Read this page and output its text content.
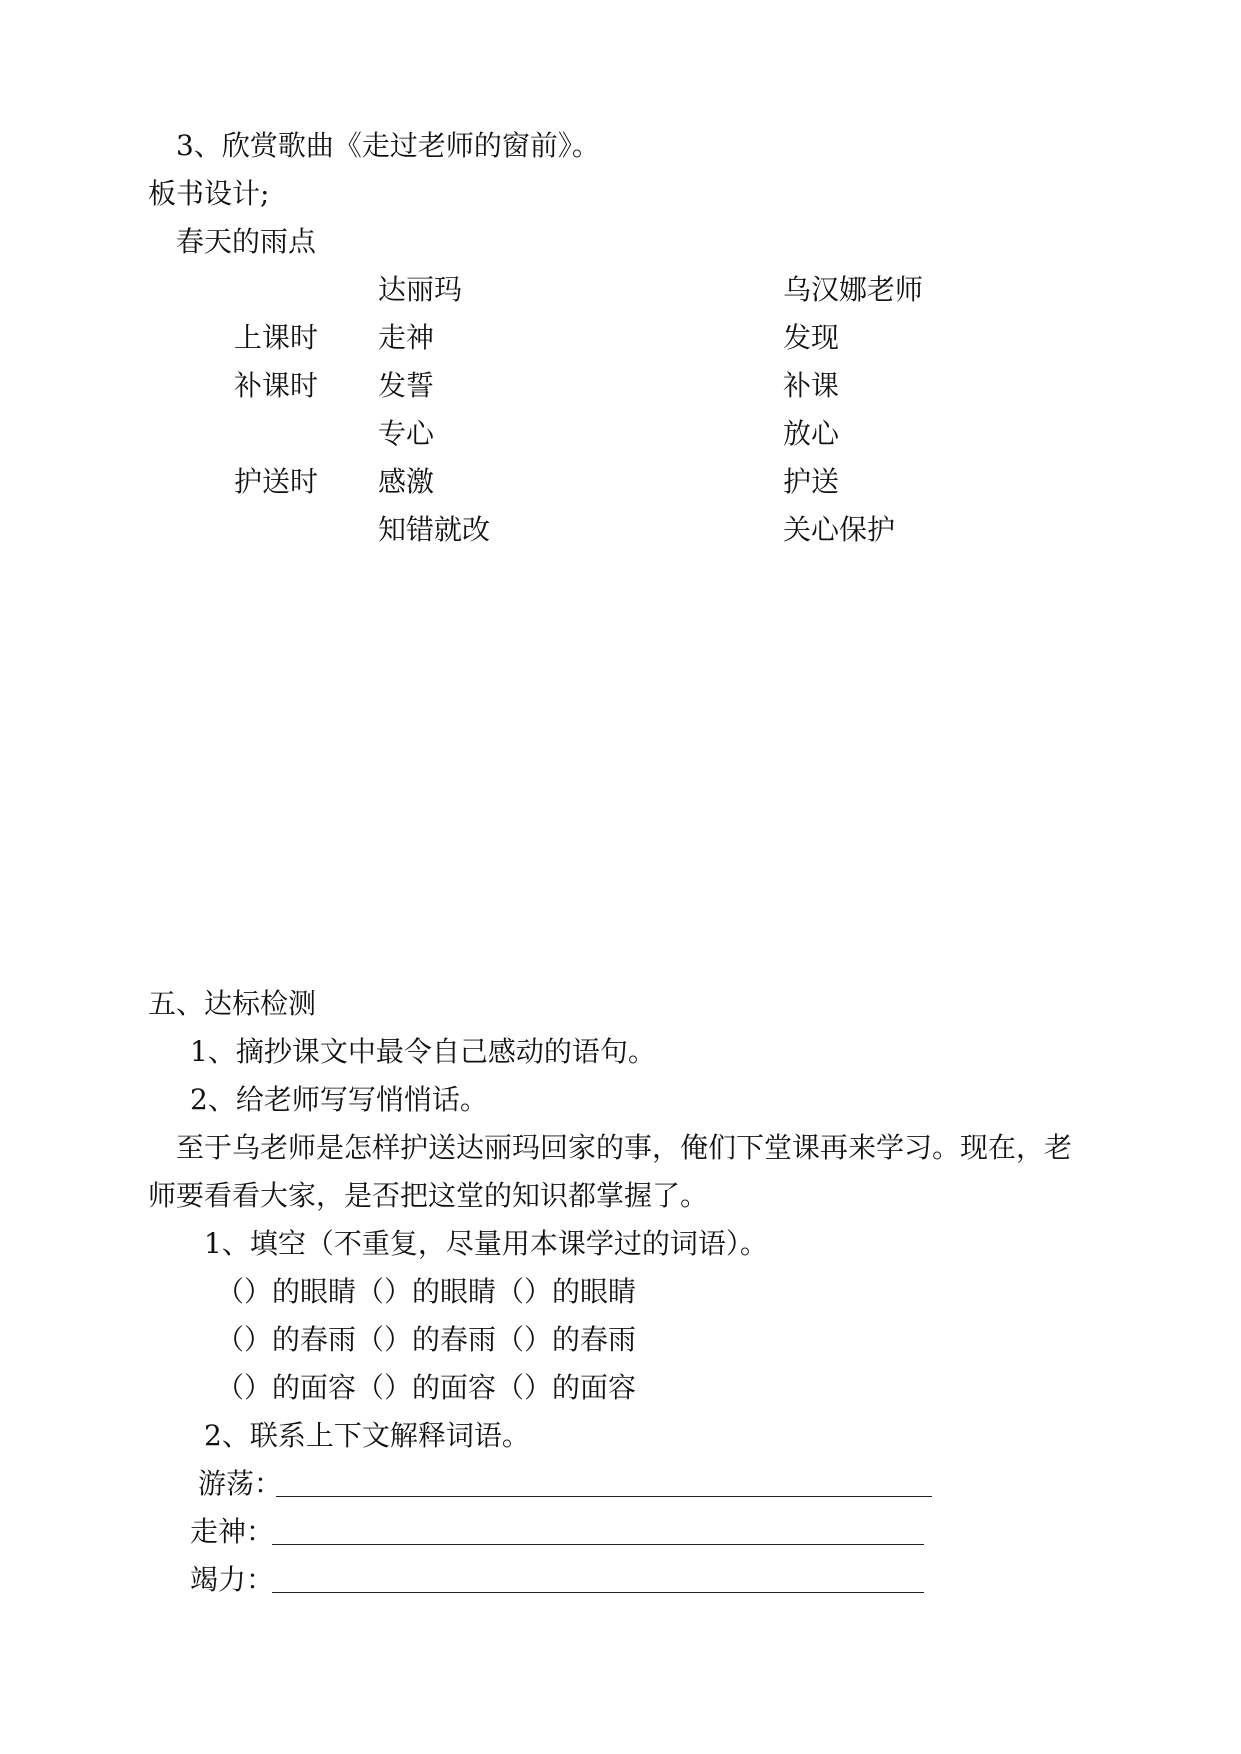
3、欣赏歌曲《走过老师的窗前》。
板书设计;
春天的雨点
达丽玛	乌汉娜老师
上课时 走神	发现
补课时 发誓	补课
专心	放心
护送时 感激	护送
知错就改	关心保护
五、达标检测
1、摘抄课文中最令自己感动的语句。
2、给老师写写悄悄话。
至于乌老师是怎样护送达丽玛回家的事，俺们下堂课再来学习。现在，老
师要看看大家，是否把这堂的知识都掌握了。
1、填空（不重复，尽量用本课学过的词语）。
（）的眼睛（）的眼睛（）的眼睛
（）的春雨（）的春雨（）的春雨
（）的面容（）的面容（）的面容
2、联系上下文解释词语。
游荡：
走神：
竭力：
